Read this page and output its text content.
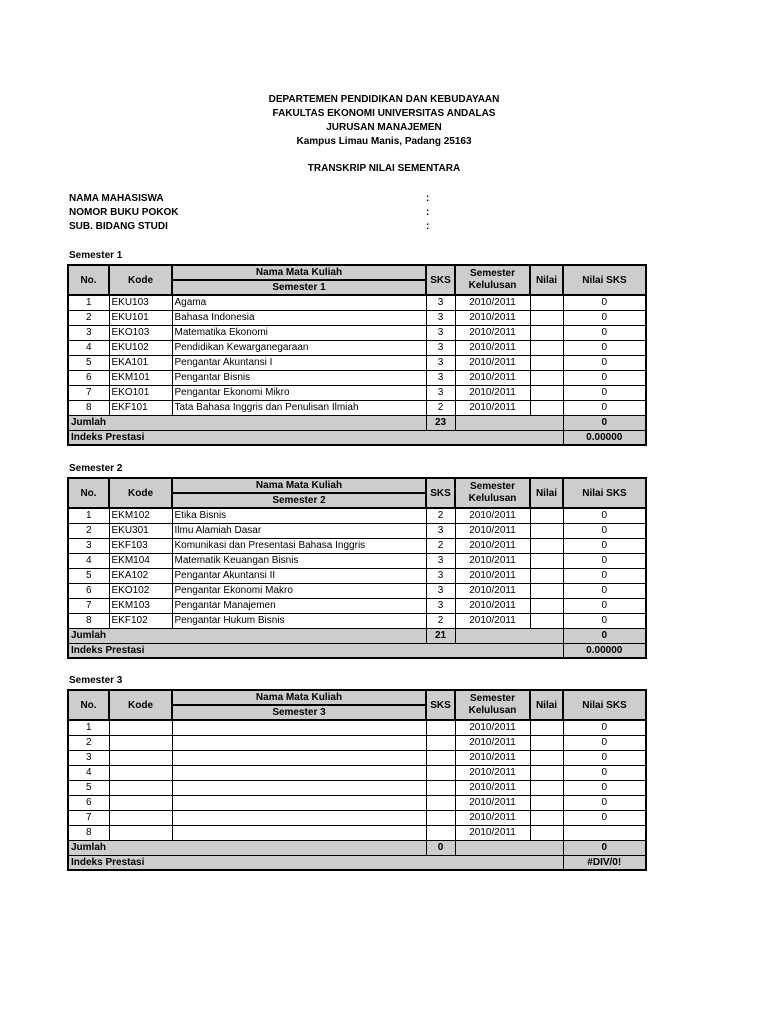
DEPARTEMEN PENDIDIKAN DAN KEBUDAYAAN
FAKULTAS EKONOMI UNIVERSITAS ANDALAS
JURUSAN MANAJEMEN
Kampus Limau Manis, Padang 25163
TRANSKRIP NILAI SEMENTARA
NAMA MAHASISWA	:
NOMOR BUKU POKOK	:
SUB. BIDANG STUDI	:
Semester 1
No.	Kode	Nama Mata Kuliah	SKS	Semester
Kelulusan	Nilai	Nilai SKS
		Semester 1				
1	EKU103	Agama	3	2010/2011		0
2	EKU101	Bahasa Indonesia	3	2010/2011		0
3	EKO103	Matematika Ekonomi	3	2010/2011		0
4	EKU102	Pendidikan Kewarganegaraan	3	2010/2011		0
5	EKA101	Pengantar Akuntansi I	3	2010/2011		0
6	EKM101	Pengantar Bisnis	3	2010/2011		0
7	EKO101	Pengantar Ekonomi Mikro	3	2010/2011		0
8	EKF101	Tata Bahasa Inggris dan Penulisan Ilmiah	2	2010/2011		0
Jumlah			23			0
Indeks Prestasi						0.00000
Semester 2
No.	Kode	Nama Mata Kuliah	SKS	Semester
Kelulusan	Nilai	Nilai SKS
		Semester 2				
1	EKM102	Etika Bisnis	2	2010/2011		0
2	EKU301	Ilmu Alamiah Dasar	3	2010/2011		0
3	EKF103	Komunikasi dan Presentasi Bahasa Inggris	2	2010/2011		0
4	EKM104	Matematik Keuangan Bisnis	3	2010/2011		0
5	EKA102	Pengantar Akuntansi II	3	2010/2011		0
6	EKO102	Pengantar Ekonomi Makro	3	2010/2011		0
7	EKM103	Pengantar Manajemen	3	2010/2011		0
8	EKF102	Pengantar Hukum Bisnis	2	2010/2011		0
Jumlah			21			0
Indeks Prestasi						0.00000
Semester 3
No.	Kode	Nama Mata Kuliah	SKS	Semester
Kelulusan	Nilai	Nilai SKS
		Semester 3				
1				2010/2011		0
2				2010/2011		0
3				2010/2011		0
4				2010/2011		0
5				2010/2011		0
6				2010/2011		0
7				2010/2011		0
8				2010/2011		
Jumlah			0			0
Indeks Prestasi						#DIV/0!
